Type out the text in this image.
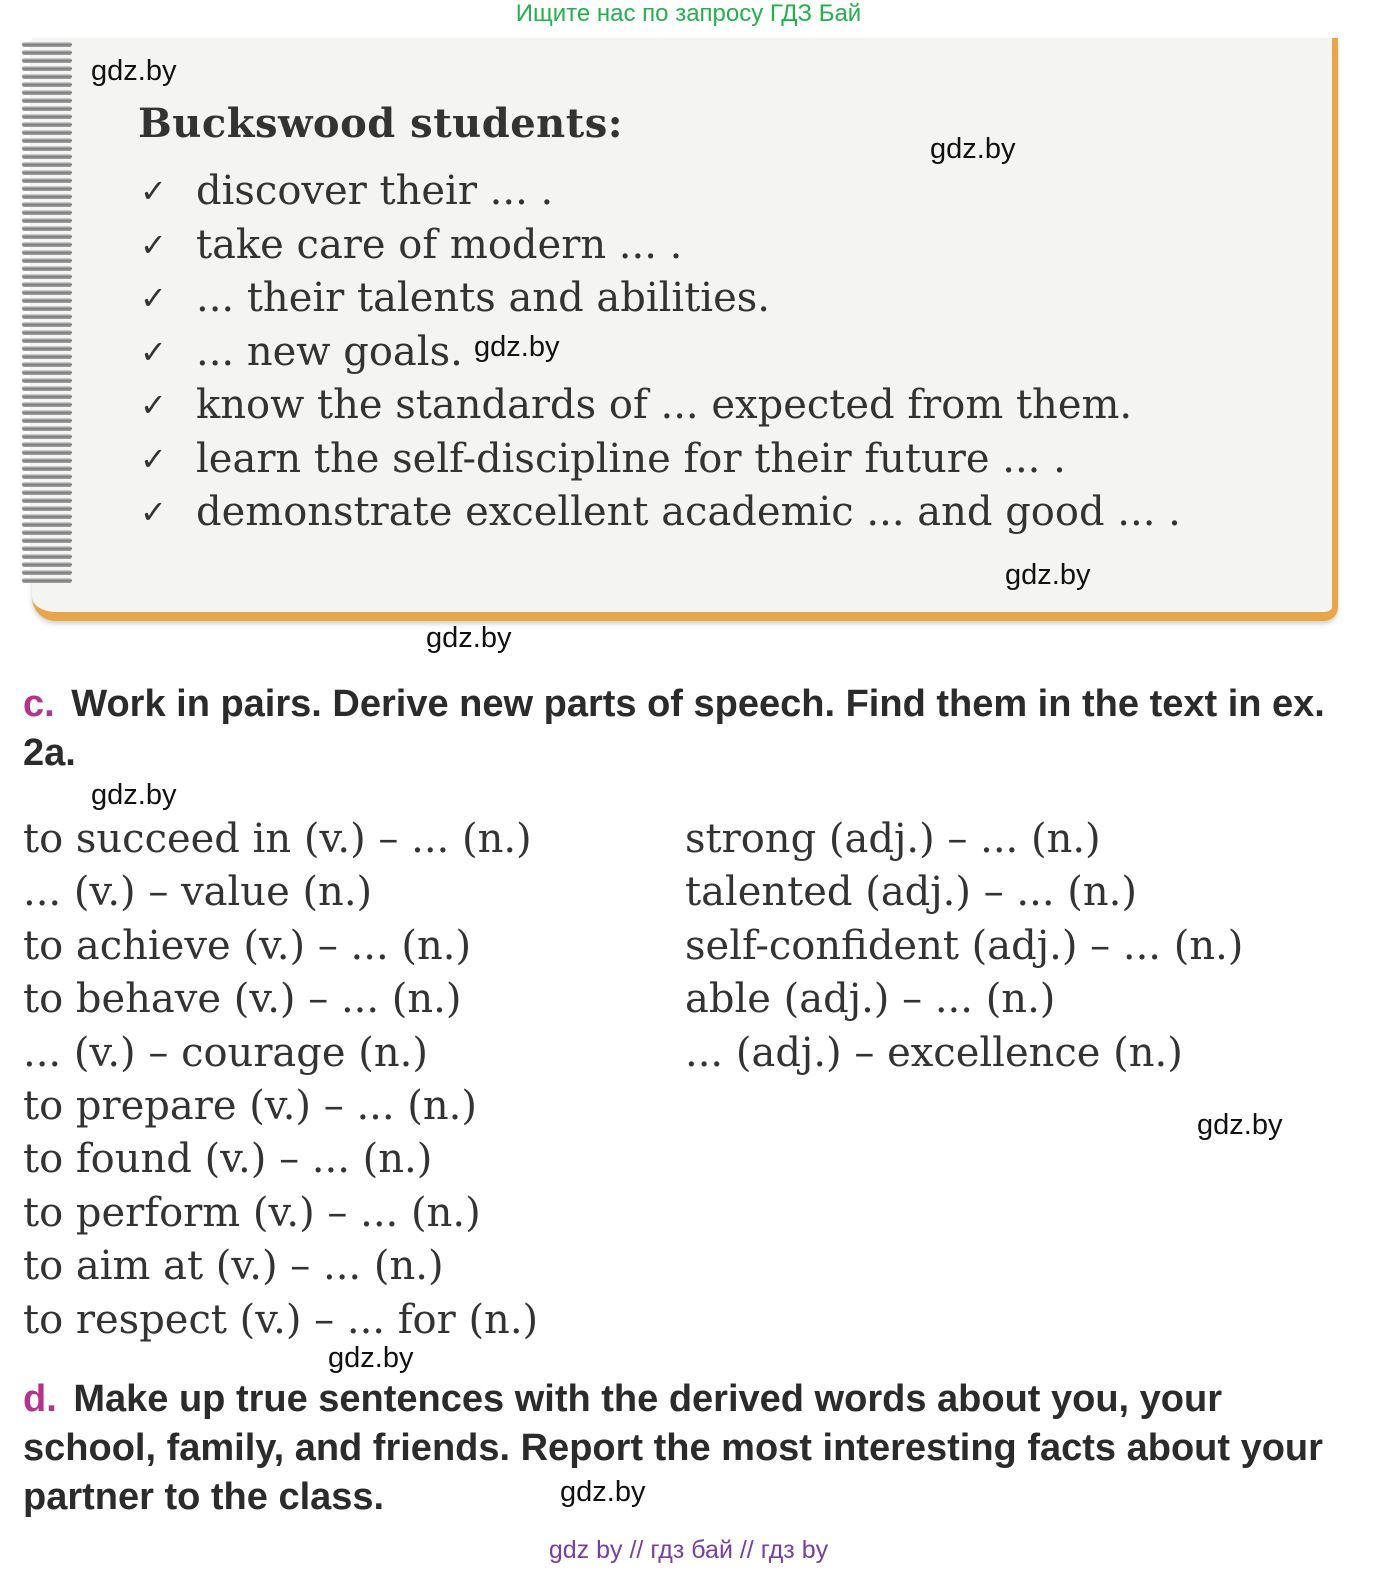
Ищите нас по запросу ГДЗ Бай
Buckswood students:
✓ discover their ... .
✓ take care of modern ... .
✓ ... their talents and abilities.
✓ ... new goals.
✓ know the standards of ... expected from them.
✓ learn the self-discipline for their future ... .
✓ demonstrate excellent academic ... and good ... .
c. Work in pairs. Derive new parts of speech. Find them in the text in ex. 2a.
to succeed in (v.) – ... (n.)
... (v.) – value (n.)
to achieve (v.) – ... (n.)
to behave (v.) – ... (n.)
... (v.) – courage (n.)
to prepare (v.) – ... (n.)
to found (v.) – ... (n.)
to perform (v.) – ... (n.)
to aim at (v.) – ... (n.)
to respect (v.) – ... for (n.)
strong (adj.) – ... (n.)
talented (adj.) – ... (n.)
self-confident (adj.) – ... (n.)
able (adj.) – ... (n.)
... (adj.) – excellence (n.)
d. Make up true sentences with the derived words about you, your school, family, and friends. Report the most interesting facts about your partner to the class.
gdz.by
gdz.by
gdz.by
gdz.by
gdz.by
gdz.by
gdz.by
gdz.by
gdz.by
gdz by // гдз бай // гдз by
